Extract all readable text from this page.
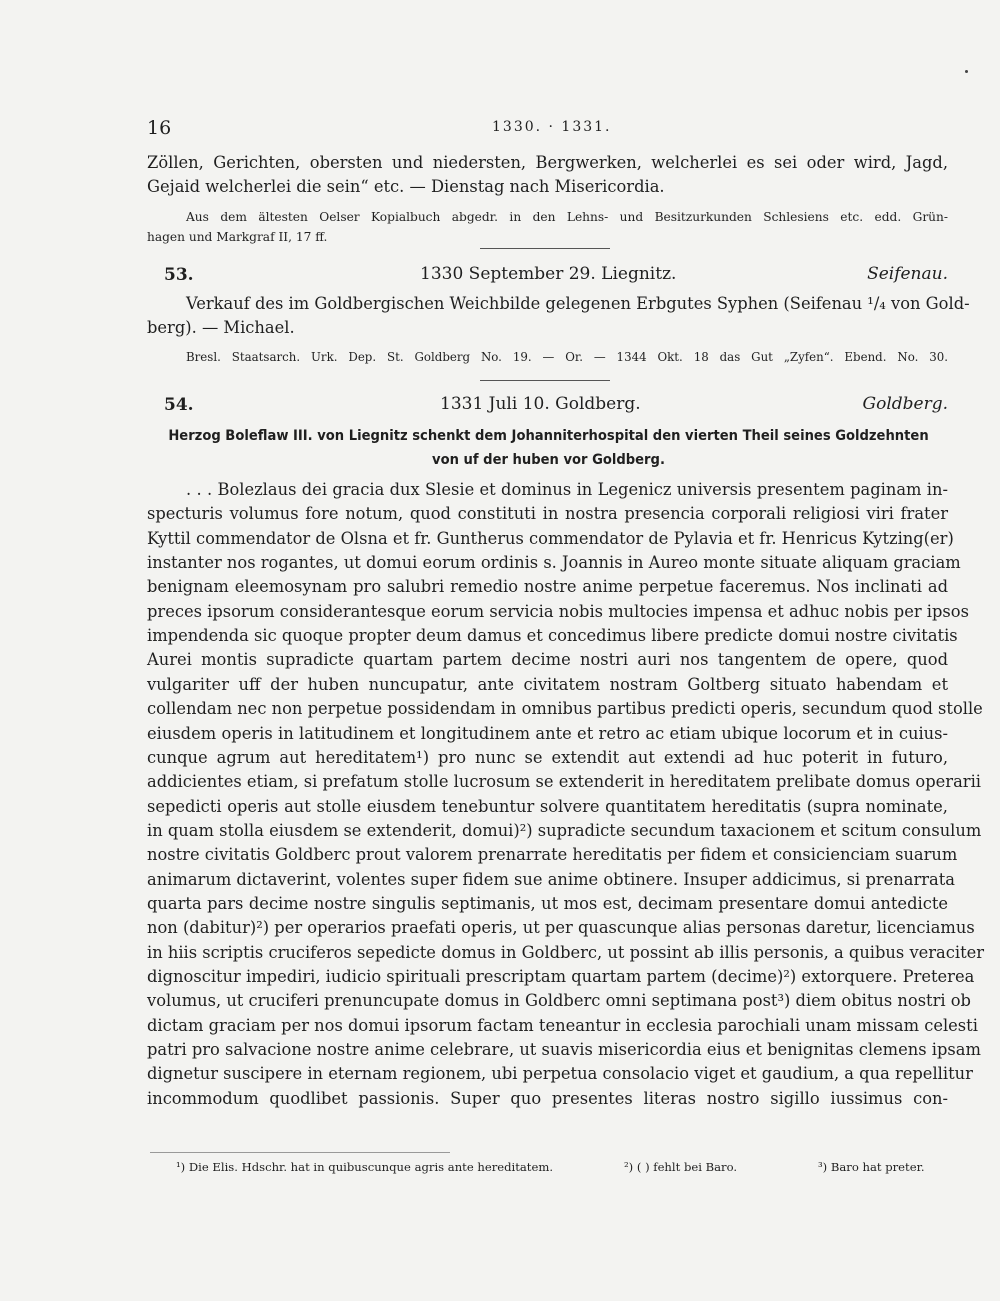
16	1330. · 1331.
Zöllen, Gerichten, obersten und niedersten, Bergwerken, welcherlei es sei oder wird, Jagd,
Gejaid welcherlei die sein“ etc. — Dienstag nach Misericordia.
Aus dem ältesten Oelser Kopialbuch abgedr. in den Lehns- und Besitzurkunden Schlesiens etc. edd. Grün-
hagen und Markgraf II, 17 ff.
53.	1330 September 29. Liegnitz.	Seifenau.
Verkauf des im Goldbergischen Weichbilde gelegenen Erbgutes Syphen (Seifenau ¹/₄ von Gold-
berg). — Michael.
Bresl. Staatsarch. Urk. Dep. St. Goldberg No. 19. — Or. — 1344 Okt. 18 das Gut „Zyfen“. Ebend. No. 30.
54.	1331 Juli 10. Goldberg.	Goldberg.
Herzog Boleflaw III. von Liegnitz schenkt dem Johanniterhospital den vierten Theil seines Goldzehnten
von uf der huben vor Goldberg.
. . . Bolezlaus dei gracia dux Slesie et dominus in Legenicz universis presentem paginam in-
specturis volumus fore notum, quod constituti in nostra presencia corporali religiosi viri frater
Kyttil commendator de Olsna et fr. Guntherus commendator de Pylavia et fr. Henricus Kytzing(er)
instanter nos rogantes, ut domui eorum ordinis s. Joannis in Aureo monte situate aliquam graciam
benignam eleemosynam pro salubri remedio nostre anime perpetue faceremus. Nos inclinati ad
preces ipsorum considerantesque eorum servicia nobis multocies impensa et adhuc nobis per ipsos
impendenda sic quoque propter deum damus et concedimus libere predicte domui nostre civitatis
Aurei montis supradicte quartam partem decime nostri auri nos tangentem de opere, quod
vulgariter uff der huben nuncupatur, ante civitatem nostram Goltberg situato habendam et
collendam nec non perpetue possidendam in omnibus partibus predicti operis, secundum quod stolle
eiusdem operis in latitudinem et longitudinem ante et retro ac etiam ubique locorum et in cuius-
cunque agrum aut hereditatem¹) pro nunc se extendit aut extendi ad huc poterit in futuro,
addicientes etiam, si prefatum stolle lucrosum se extenderit in hereditatem prelibate domus operarii
sepedicti operis aut stolle eiusdem tenebuntur solvere quantitatem hereditatis (supra nominate,
in quam stolla eiusdem se extenderit, domui)²) supradicte secundum taxacionem et scitum consulum
nostre civitatis Goldberc prout valorem prenarrate hereditatis per fidem et consicienciam suarum
animarum dictaverint, volentes super fidem sue anime obtinere. Insuper addicimus, si prenarrata
quarta pars decime nostre singulis septimanis, ut mos est, decimam presentare domui antedicte
non (dabitur)²) per operarios praefati operis, ut per quascunque alias personas daretur, licenciamus
in hiis scriptis cruciferos sepedicte domus in Goldberc, ut possint ab illis personis, a quibus veraciter
dignoscitur impediri, iudicio spirituali prescriptam quartam partem (decime)²) extorquere. Preterea
volumus, ut cruciferi prenuncupate domus in Goldberc omni septimana post³) diem obitus nostri ob
dictam graciam per nos domui ipsorum factam teneantur in ecclesia parochiali unam missam celesti
patri pro salvacione nostre anime celebrare, ut suavis misericordia eius et benignitas clemens ipsam
dignetur suscipere in eternam regionem, ubi perpetua consolacio viget et gaudium, a qua repellitur
incommodum quodlibet passionis. Super quo presentes literas nostro sigillo iussimus con-
¹) Die Elis. Hdschr. hat in quibuscunque agris ante hereditatem.	²) ( ) fehlt bei Baro.	³) Baro hat preter.
